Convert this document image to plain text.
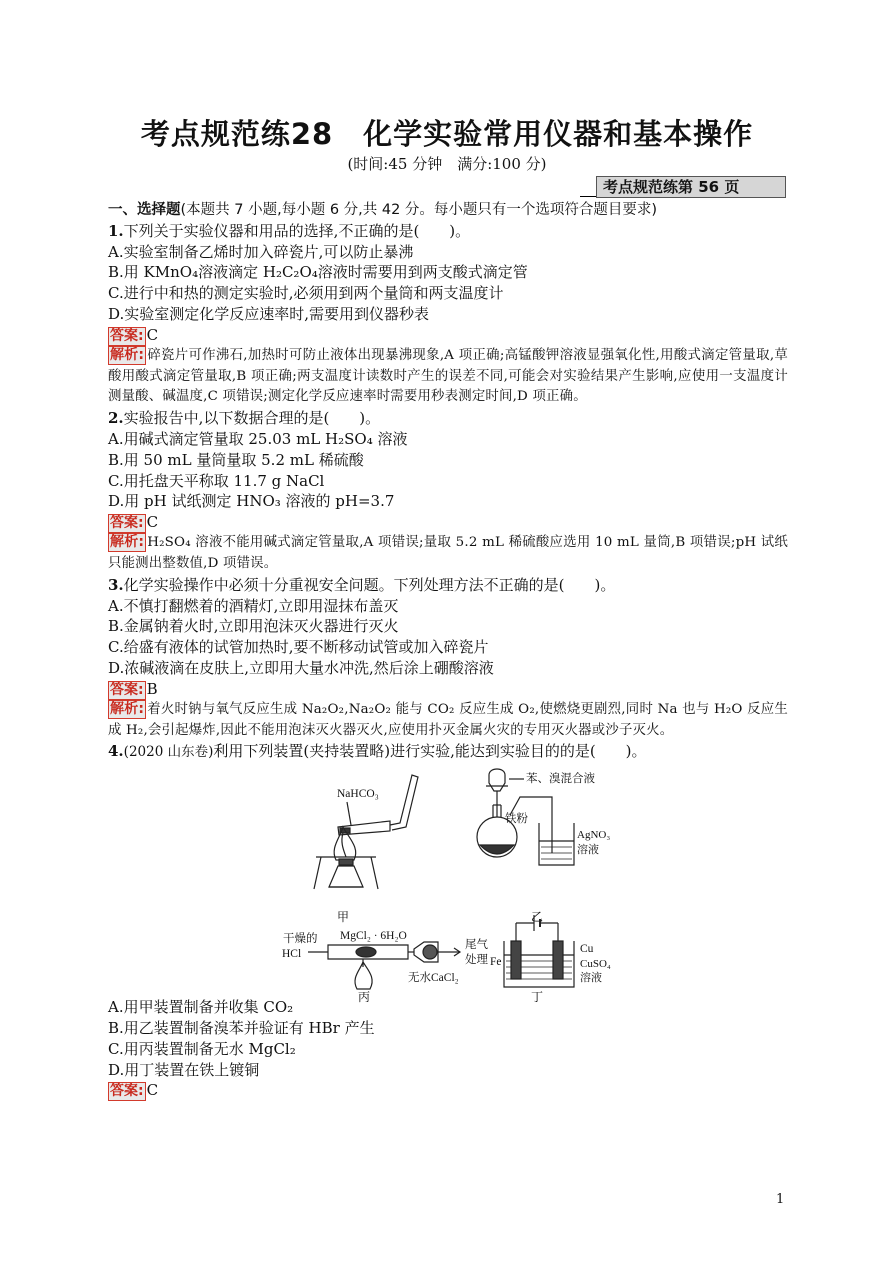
考点规范练28　化学实验常用仪器和基本操作
(时间:45 分钟　满分:100 分)
考点规范练第 56 页
一、选择题(本题共 7 小题,每小题 6 分,共 42 分。每小题只有一个选项符合题目要求)
1.下列关于实验仪器和用品的选择,不正确的是(　　)。
A.实验室制备乙烯时加入碎瓷片,可以防止暴沸
B.用 KMnO₄溶液滴定 H₂C₂O₄溶液时需要用到两支酸式滴定管
C.进行中和热的测定实验时,必须用到两个量筒和两支温度计
D.实验室测定化学反应速率时,需要用到仪器秒表
答案: C
解析: 碎瓷片可作沸石,加热时可防止液体出现暴沸现象,A 项正确;高锰酸钾溶液显强氧化性,用酸式滴定管量取,草酸用酸式滴定管量取,B 项正确;两支温度计读数时产生的误差不同,可能会对实验结果产生影响,应使用一支温度计测量酸、碱温度,C 项错误;测定化学反应速率时需要用秒表测定时间,D 项正确。
2.实验报告中,以下数据合理的是(　　)。
A.用碱式滴定管量取 25.03 mL H₂SO₄ 溶液
B.用 50 mL 量筒量取 5.2 mL 稀硫酸
C.用托盘天平称取 11.7 g NaCl
D.用 pH 试纸测定 HNO₃ 溶液的 pH=3.7
答案: C
解析: H₂SO₄ 溶液不能用碱式滴定管量取,A 项错误;量取 5.2 mL 稀硫酸应选用 10 mL 量筒,B 项错误;pH 试纸只能测出整数值,D 项错误。
3.化学实验操作中必须十分重视安全问题。下列处理方法不正确的是(　　)。
A.不慎打翻燃着的酒精灯,立即用湿抹布盖灭
B.金属钠着火时,立即用泡沫灭火器进行灭火
C.给盛有液体的试管加热时,要不断移动试管或加入碎瓷片
D.浓碱液滴在皮肤上,立即用大量水冲洗,然后涂上硼酸溶液
答案: B
解析: 着火时钠与氧气反应生成 Na₂O₂,Na₂O₂ 能与 CO₂ 反应生成 O₂,使燃烧更剧烈,同时 Na 也与 H₂O 反应生成 H₂,会引起爆炸,因此不能用泡沫灭火器灭火,应使用扑灭金属火灾的专用灭火器或沙子灭火。
4.(2020 山东卷)利用下列装置(夹持装置略)进行实验,能达到实验目的的是(　　)。
NaHCO₃
甲
苯、溴混合液
铁粉
AgNO₃
溶液
乙
干燥的
HCl
MgCl₂ · 6H₂O
无水CaCl₂
尾气
处理
丙
Fe
Cu
CuSO₄
溶液
丁
A.用甲装置制备并收集 CO₂
B.用乙装置制备溴苯并验证有 HBr 产生
C.用丙装置制备无水 MgCl₂
D.用丁装置在铁上镀铜
答案: C
1
